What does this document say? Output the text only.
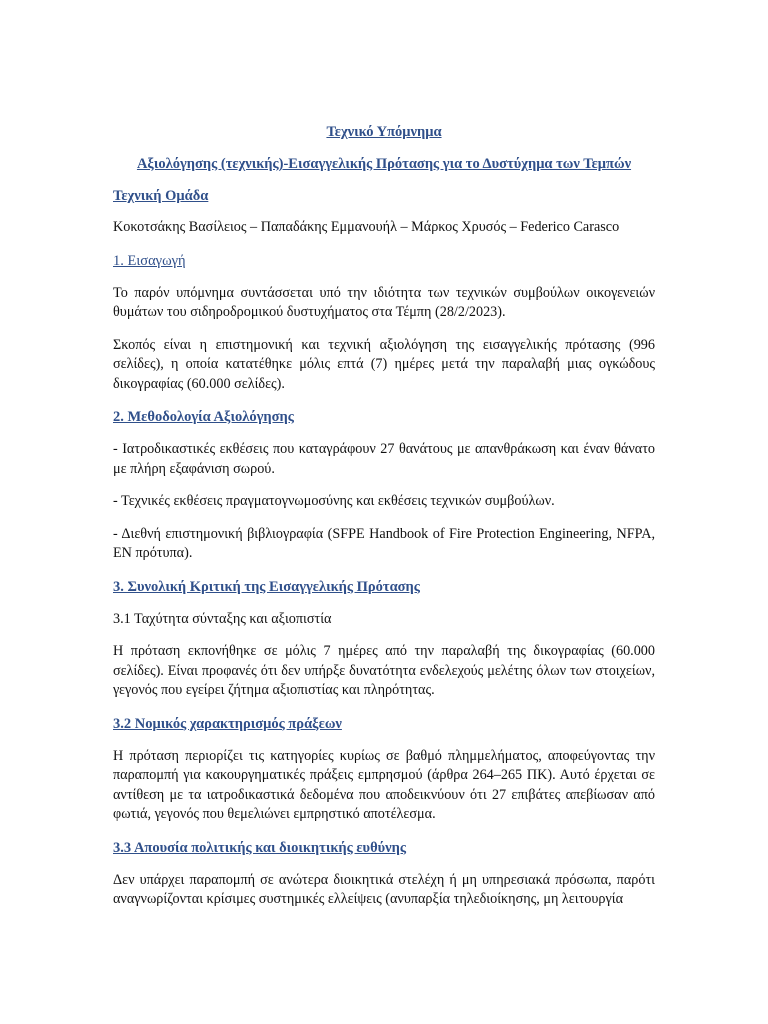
Τεχνικό Υπόμνημα
Αξιολόγησης (τεχνικής)-Εισαγγελικής Πρότασης για το Δυστύχημα των Τεμπών
Τεχνική Ομάδα

Κοκοτσάκης Βασίλειος – Παπαδάκης Εμμανουήλ – Μάρκος Χρυσός – Federico Carasco

1. Εισαγωγή

Το παρόν υπόμνημα συντάσσεται υπό την ιδιότητα των τεχνικών συμβούλων οικογενειών θυμάτων του σιδηροδρομικού δυστυχήματος στα Τέμπη (28/2/2023).

Σκοπός είναι η επιστημονική και τεχνική αξιολόγηση της εισαγγελικής πρότασης (996 σελίδες), η οποία κατατέθηκε μόλις επτά (7) ημέρες μετά την παραλαβή μιας ογκώδους δικογραφίας (60.000 σελίδες).

2. Μεθοδολογία Αξιολόγησης

- Ιατροδικαστικές εκθέσεις που καταγράφουν 27 θανάτους με απανθράκωση και έναν θάνατο με πλήρη εξαφάνιση σωρού.

- Τεχνικές εκθέσεις πραγματογνωμοσύνης και εκθέσεις τεχνικών συμβούλων.

- Διεθνή επιστημονική βιβλιογραφία (SFPE Handbook of Fire Protection Engineering, NFPA, EN πρότυπα).

3. Συνολική Κριτική της Εισαγγελικής Πρότασης

3.1 Ταχύτητα σύνταξης και αξιοπιστία

Η πρόταση εκπονήθηκε σε μόλις 7 ημέρες από την παραλαβή της δικογραφίας (60.000 σελίδες). Είναι προφανές ότι δεν υπήρξε δυνατότητα ενδελεχούς μελέτης όλων των στοιχείων, γεγονός που εγείρει ζήτημα αξιοπιστίας και πληρότητας.

3.2 Νομικός χαρακτηρισμός πράξεων

Η πρόταση περιορίζει τις κατηγορίες κυρίως σε βαθμό πλημμελήματος, αποφεύγοντας την παραπομπή για κακουργηματικές πράξεις εμπρησμού (άρθρα 264–265 ΠΚ). Αυτό έρχεται σε αντίθεση με τα ιατροδικαστικά δεδομένα που αποδεικνύουν ότι 27 επιβάτες απεβίωσαν από φωτιά, γεγονός που θεμελιώνει εμπρηστικό αποτέλεσμα.

3.3 Απουσία πολιτικής και διοικητικής ευθύνης

Δεν υπάρχει παραπομπή σε ανώτερα διοικητικά στελέχη ή μη υπηρεσιακά πρόσωπα, παρότι αναγνωρίζονται κρίσιμες συστημικές ελλείψεις (ανυπαρξία τηλεδιοίκησης, μη λειτουργία
